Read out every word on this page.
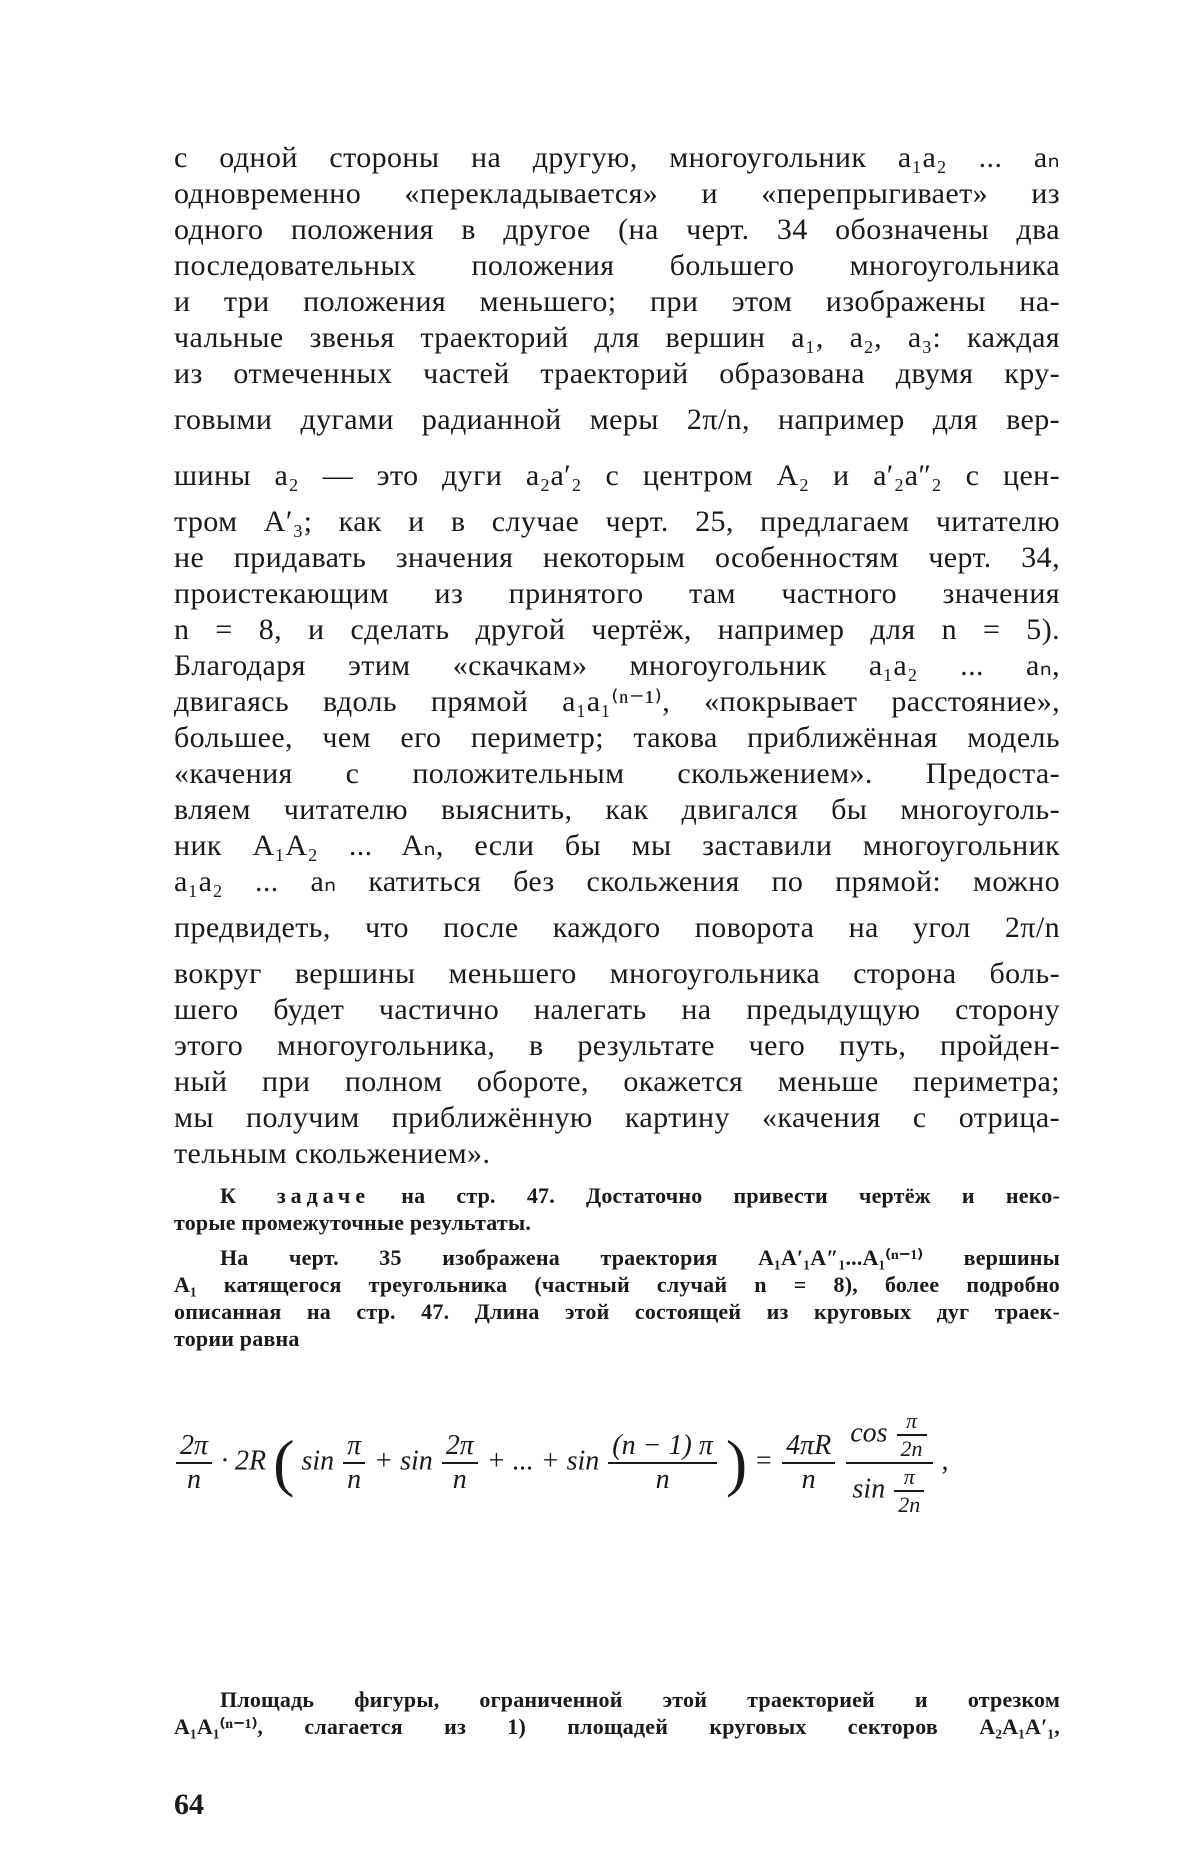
с одной стороны на другую, многоугольник a₁a₂ ... aₙ
одновременно «перекладывается» и «перепрыгивает» из
одного положения в другое (на черт. 34 обозначены два
последовательных положения большего многоугольника
и три положения меньшего; при этом изображены на-
чальные звенья траекторий для вершин a₁, a₂, a₃: каждая
из отмеченных частей траекторий образована двумя кру-
говыми дугами радианной меры 2π/n, например для вер-
шины a₂ — это дуги a₂a′₂ с центром A₂ и a′₂a″₂ с цен-
тром A′₃; как и в случае черт. 25, предлагаем читателю
не придавать значения некоторым особенностям черт. 34,
проистекающим из принятого там частного значения
n = 8, и сделать другой чертёж, например для n = 5).
Благодаря этим «скачкам» многоугольник a₁a₂ ... aₙ,
двигаясь вдоль прямой a₁a₁⁽ⁿ⁻¹⁾, «покрывает расстояние»,
большее, чем его периметр; такова приближённая модель
«качения с положительным скольжением». Предоста-
вляем читателю выяснить, как двигался бы многоуголь-
ник A₁A₂ ... Aₙ, если бы мы заставили многоугольник
a₁a₂ ... aₙ катиться без скольжения по прямой: можно
предвидеть, что после каждого поворота на угол 2π/n
вокруг вершины меньшего многоугольника сторона боль-
шего будет частично налегать на предыдущую сторону
этого многоугольника, в результате чего путь, пройден-
ный при полном обороте, окажется меньше периметра;
мы получим приближённую картину «качения с отрица-
тельным скольжением».
К задаче на стр. 47. Достаточно привести чертёж и неко-
торые промежуточные результаты.
На черт. 35 изображена траектория A₁A′₁A″₁...A₁⁽ⁿ⁻¹⁾ вершины
A₁ катящегося треугольника (частный случай n = 8), более подробно
описанная на стр. 47. Длина этой состоящей из круговых дуг траек-
тории равна
2π
n
· 2R ( sin π
n
+ sin 2π
n
+ ... + sin (n − 1) π
n ) = 4πR
n

cos π
2n
sin π
2n
,
Площадь фигуры, ограниченной этой траекторией и отрезком
A₁A₁⁽ⁿ⁻¹⁾, слагается из 1) площадей круговых секторов A₂A₁A′₁,
64
